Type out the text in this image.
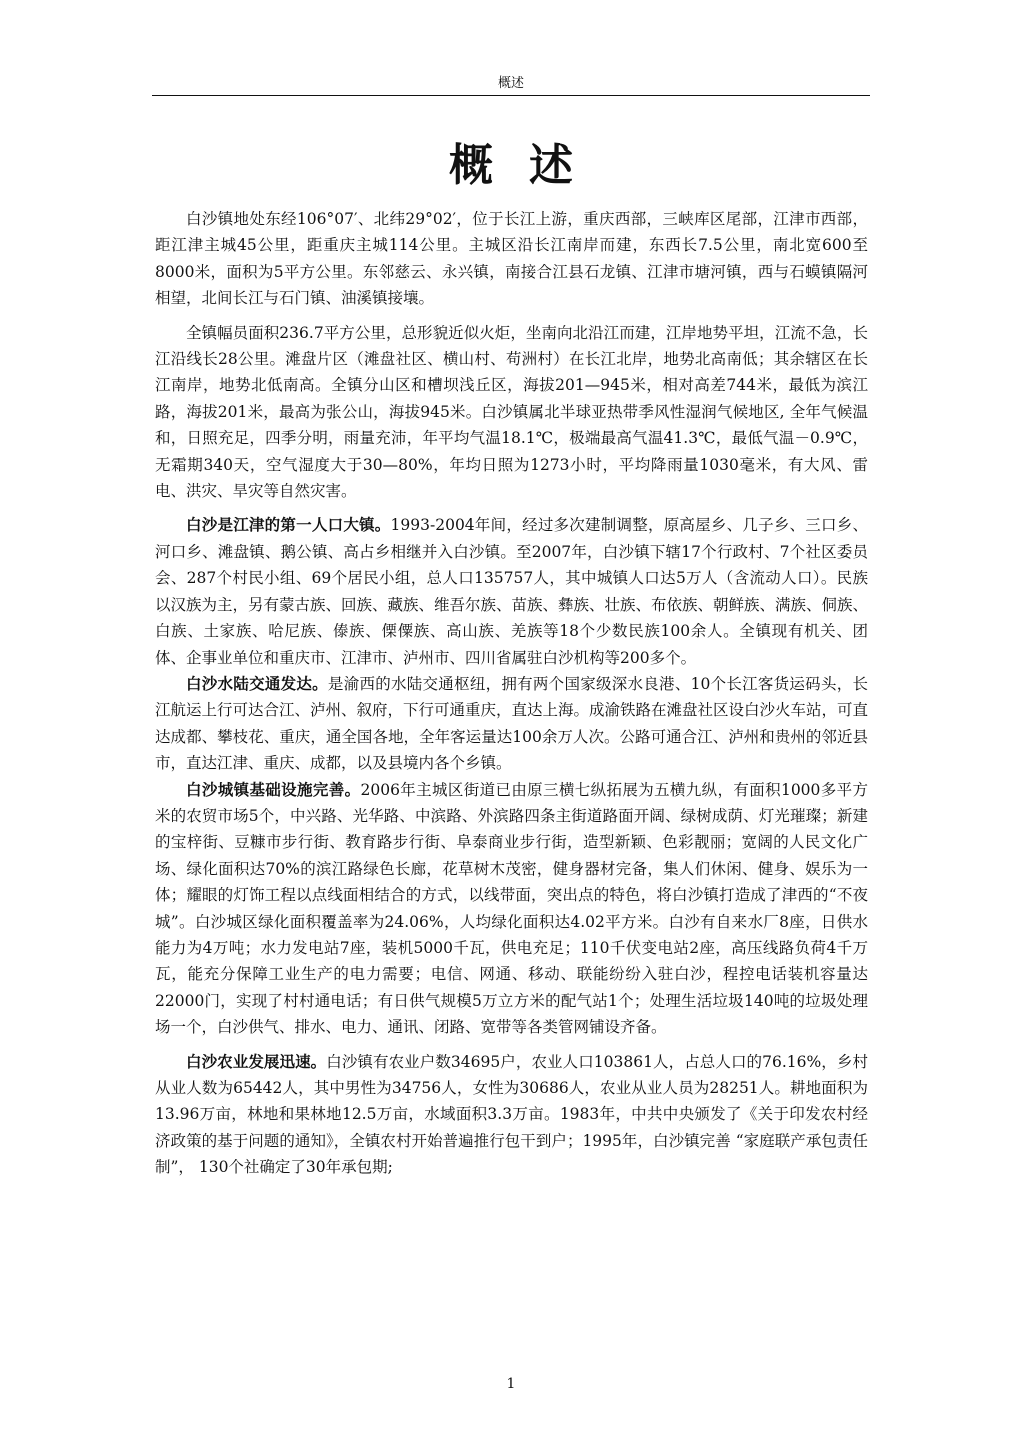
概述
概述

白沙镇地处东经106°07′、北纬29°02′，位于长江上游，重庆西部，三峡库区尾部，江津市西部，距江津主城45公里，距重庆主城114公里。主城区沿长江南岸而建，东西长7.5公里，南北宽600至8000米，面积为5平方公里。东邻慈云、永兴镇，南接合江县石龙镇、江津市塘河镇，西与石蟆镇隔河相望，北间长江与石门镇、油溪镇接壤。

全镇幅员面积236.7平方公里，总形貌近似火炬，坐南向北沿江而建，江岸地势平坦，江流不急，长江沿线长28公里。滩盘片区（滩盘社区、横山村、苟洲村）在长江北岸，地势北高南低；其余辖区在长江南岸，地势北低南高。全镇分山区和槽坝浅丘区，海拔201—945米，相对高差744米，最低为滨江路，海拔201米，最高为张公山，海拔945米。白沙镇属北半球亚热带季风性湿润气候地区, 全年气候温和，日照充足，四季分明，雨量充沛，年平均气温18.1℃，极端最高气温41.3℃，最低气温－0.9℃，无霜期340天，空气湿度大于30—80%，年均日照为1273小时，平均降雨量1030毫米，有大风、雷电、洪灾、旱灾等自然灾害。

白沙是江津的第一人口大镇。1993-2004年间，经过多次建制调整，原高屋乡、几子乡、三口乡、河口乡、滩盘镇、鹅公镇、高占乡相继并入白沙镇。至2007年，白沙镇下辖17个行政村、7个社区委员会、287个村民小组、69个居民小组，总人口135757人，其中城镇人口达5万人（含流动人口）。民族以汉族为主，另有蒙古族、回族、藏族、维吾尔族、苗族、彝族、壮族、布依族、朝鲜族、满族、侗族、白族、土家族、哈尼族、傣族、傈僳族、高山族、羌族等18个少数民族100余人。全镇现有机关、团体、企事业单位和重庆市、江津市、泸州市、四川省属驻白沙机构等200多个。

白沙水陆交通发达。是渝西的水陆交通枢纽，拥有两个国家级深水良港、10个长江客货运码头，长江航运上行可达合江、泸州、叙府，下行可通重庆，直达上海。成渝铁路在滩盘社区设白沙火车站，可直达成都、攀枝花、重庆，通全国各地，全年客运量达100余万人次。公路可通合江、泸州和贵州的邻近县市，直达江津、重庆、成都，以及县境内各个乡镇。

白沙城镇基础设施完善。2006年主城区街道已由原三横七纵拓展为五横九纵，有面积1000多平方米的农贸市场5个，中兴路、光华路、中滨路、外滨路四条主街道路面开阔、绿树成荫、灯光璀璨；新建的宝梓街、豆糠市步行街、教育路步行街、阜泰商业步行街，造型新颖、色彩靓丽；宽阔的人民文化广场、绿化面积达70%的滨江路绿色长廊，花草树木茂密，健身器材完备，集人们休闲、健身、娱乐为一体；耀眼的灯饰工程以点线面相结合的方式，以线带面，突出点的特色，将白沙镇打造成了津西的“不夜城”。白沙城区绿化面积覆盖率为24.06%，人均绿化面积达4.02平方米。白沙有自来水厂8座，日供水能力为4万吨；水力发电站7座，装机5000千瓦，供电充足；110千伏变电站2座，高压线路负荷4千万瓦，能充分保障工业生产的电力需要；电信、网通、移动、联能纷纷入驻白沙，程控电话装机容量达22000门，实现了村村通电话；有日供气规模5万立方米的配气站1个；处理生活垃圾140吨的垃圾处理场一个，白沙供气、排水、电力、通讯、闭路、宽带等各类管网铺设齐备。

白沙农业发展迅速。白沙镇有农业户数34695户，农业人口103861人，占总人口的76.16%，乡村从业人数为65442人，其中男性为34756人，女性为30686人，农业从业人员为28251人。耕地面积为13.96万亩，林地和果林地12.5万亩，水域面积3.3万亩。1983年，中共中央颁发了《关于印发农村经济政策的基于问题的通知》，全镇农村开始普遍推行包干到户；1995年，白沙镇完善 “家庭联产承包责任制”， 130个社确定了30年承包期;

1
